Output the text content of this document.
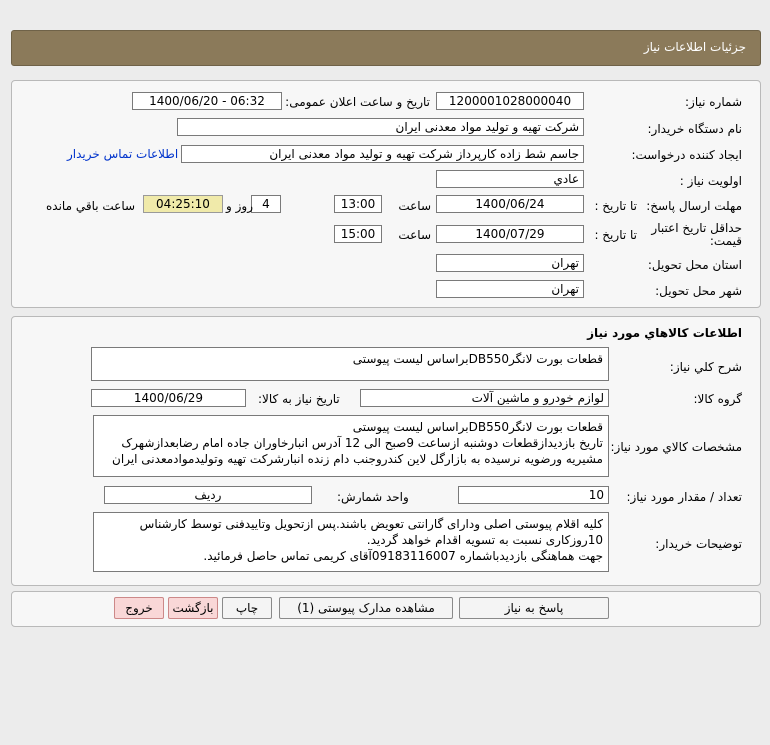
جزئیات اطلاعات نیاز
شماره نیاز:
1200001028000040
تاریخ و ساعت اعلان عمومی:
1400/06/20 - 06:32
نام دستگاه خریدار:
شرکت تهیه و تولید مواد معدنی ایران
ایجاد کننده درخواست:
جاسم شط زاده کارپرداز شرکت تهیه و تولید مواد معدنی ایران
اطلاعات تماس خریدار
اولویت نیاز :
عادي
مهلت ارسال پاسخ:
تا تاریخ :
1400/06/24
ساعت
13:00
4
روز و
04:25:10
ساعت باقي مانده
حداقل تاریخ اعتبار قیمت:
تا تاریخ :
1400/07/29
ساعت
15:00
استان محل تحویل:
تهران
شهر محل تحویل:
تهران
اطلاعات کالاهاي مورد نياز
شرح کلي نياز:
قطعات بورت لانگرDB550براساس لیست پیوستی
گروه کالا:
لوازم خودرو و ماشین آلات
تاریخ نیاز به کالا:
1400/06/29
مشخصات کالاي مورد نياز:
قطعات بورت لانگرDB550براساس لیست پیوستی
تاریخ بازدیدازقطعات دوشنبه ازساعت 9صبح الی 12 آدرس انبارخاوران جاده امام رضابعدازشهرک مشیریه ورضویه نرسیده به بازارگل لاین کندروجنب دام زنده انبارشرکت تهیه وتولیدموادمعدنی ایران
تعداد / مقدار مورد نیاز:
10
واحد شمارش:
ردیف
توضیحات خریدار:
کلیه اقلام پیوستی اصلی ودارای گارانتی تعویض باشند.پس ازتحویل وتاییدفنی توسط کارشناس 10روزکاری نسبت به تسویه اقدام خواهد گردید.
جهت هماهنگی بازدیدباشماره 09183116007آقای کریمی تماس حاصل فرمائید.
پاسخ به نیاز
مشاهده مدارک پیوستی (1)
چاپ
بازگشت
خروج
